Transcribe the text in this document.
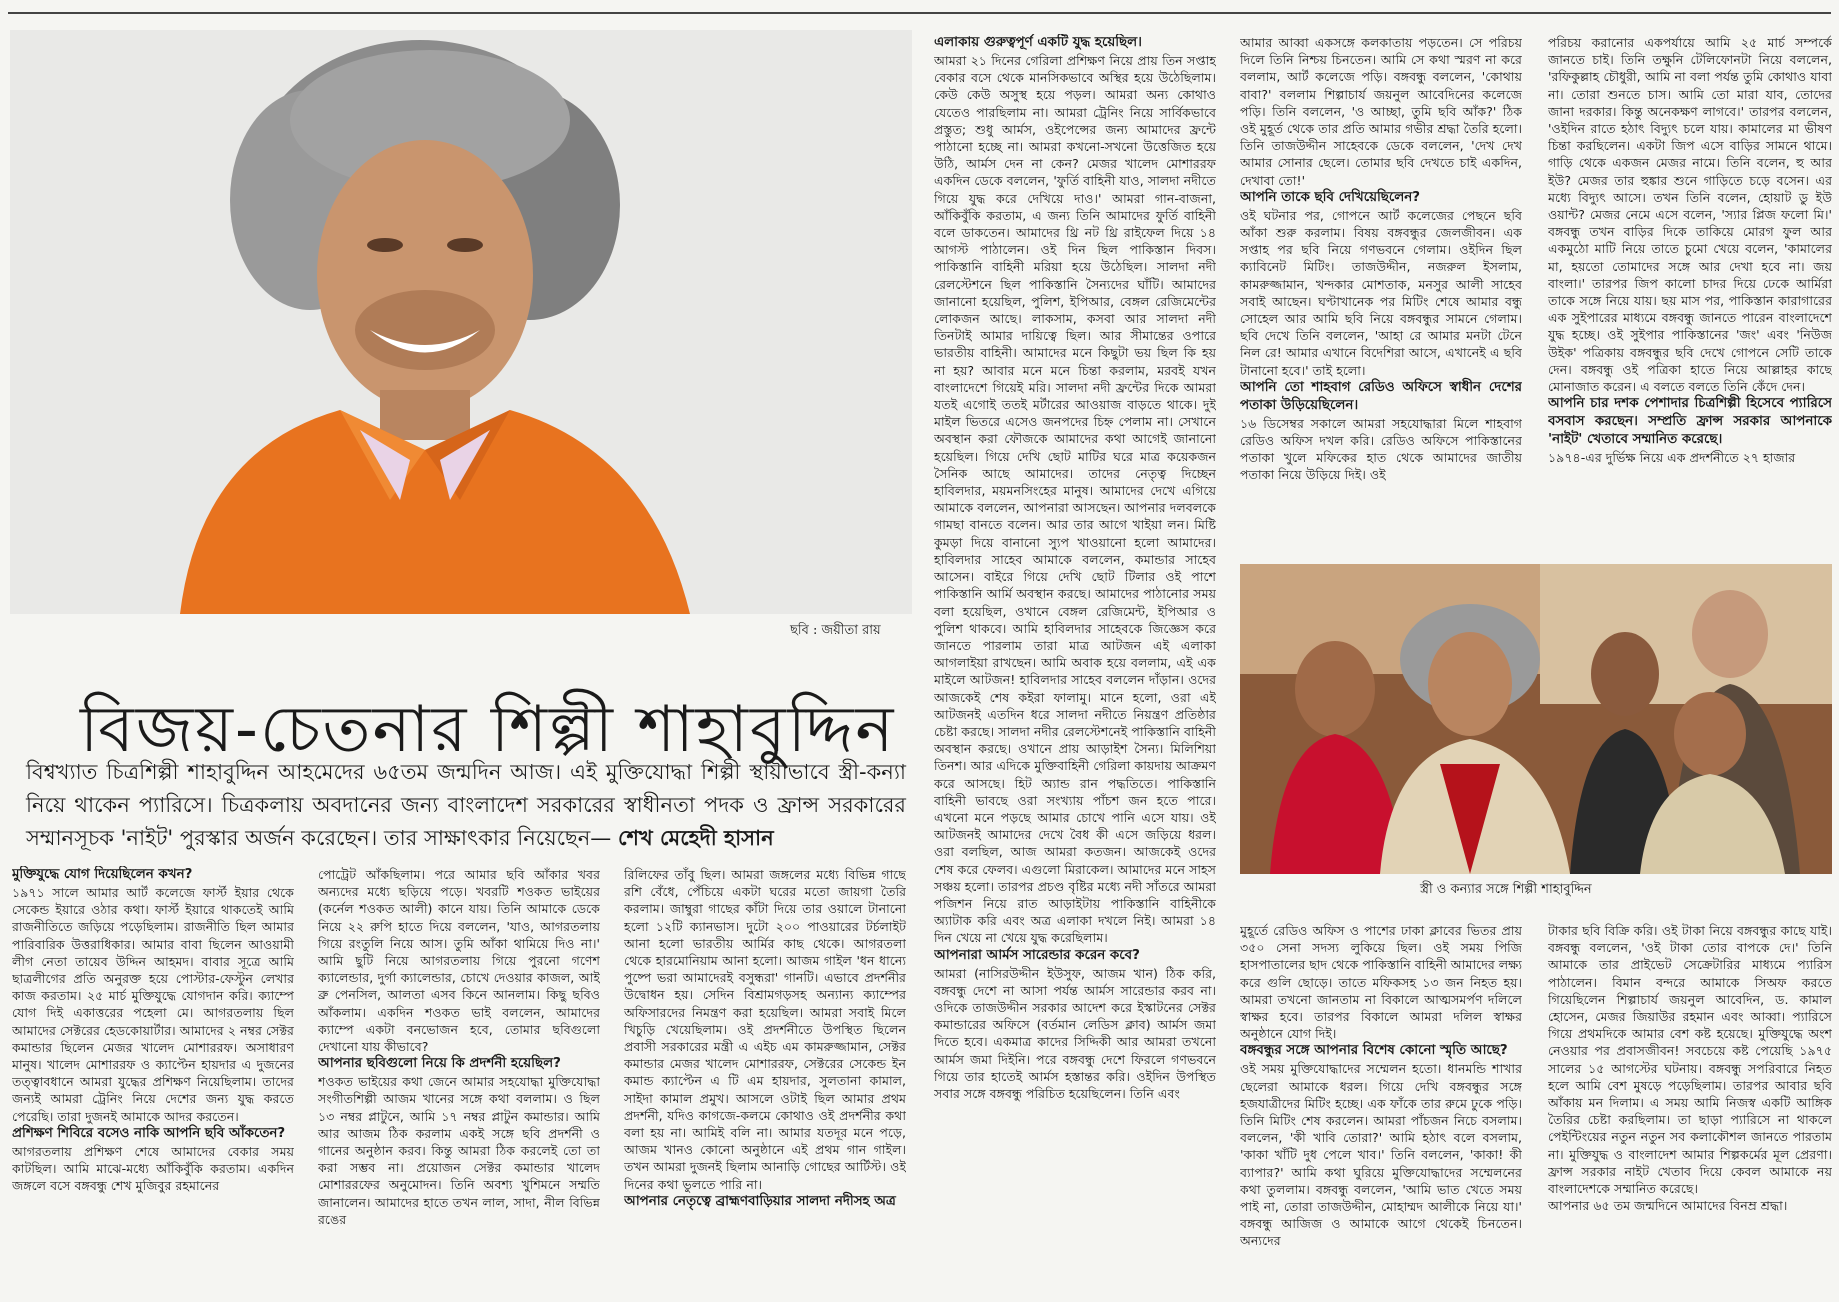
ছবি : জয়ীতা রায়
বিজয়-চেতনার শিল্পী শাহাবুদ্দিন
বিশ্বখ্যাত চিত্রশিল্পী শাহাবুদ্দিন আহমেদের ৬৫তম জন্মদিন আজ। এই মুক্তিযোদ্ধা শিল্পী স্থায়ীভাবে স্ত্রী-কন্যা নিয়ে থাকেন প্যারিসে। চিত্রকলায় অবদানের জন্য বাংলাদেশ সরকারের স্বাধীনতা পদক ও ফ্রান্স সরকারের সম্মানসূচক 'নাইট' পুরস্কার অর্জন করেছেন। তার সাক্ষাৎকার নিয়েছেন— শেখ মেহেদী হাসান
মুক্তিযুদ্ধে যোগ দিয়েছিলেন কখন?

১৯৭১ সালে আমার আর্ট কলেজে ফার্স্ট ইয়ার থেকে সেকেন্ড ইয়ারে ওঠার কথা। ফার্স্ট ইয়ারে থাকতেই আমি রাজনীতিতে জড়িয়ে পড়েছিলাম। রাজনীতি ছিল আমার পারিবারিক উত্তরাধিকার। আমার বাবা ছিলেন আওয়ামী লীগ নেতা তায়েব উদ্দিন আহমদ। বাবার সূত্রে আমি ছাত্রলীগের প্রতি অনুরক্ত হয়ে পোস্টার-ফেস্টুন লেখার কাজ করতাম। ২৫ মার্চ মুক্তিযুদ্ধে যোগদান করি। ক্যাম্পে যোগ দিই একাত্তরের পহেলা মে। আগরতলায় ছিল আমাদের সেক্টরের হেডকোয়ার্টার। আমাদের ২ নম্বর সেক্টর কমান্ডার ছিলেন মেজর খালেদ মোশাররফ। অসাধারণ মানুষ। খালেদ মোশাররফ ও ক্যাপ্টেন হায়দার এ দুজনের তত্ত্বাবধানে আমরা যুদ্ধের প্রশিক্ষণ নিয়েছিলাম। তাদের জন্যই আমরা ট্রেনিং নিয়ে দেশের জন্য যুদ্ধ করতে পেরেছি। তারা দুজনই আমাকে আদর করতেন।

প্রশিক্ষণ শিবিরে বসেও নাকি আপনি ছবি আঁকতেন?

আগরতলায় প্রশিক্ষণ শেষে আমাদের বেকার সময় কাটছিল। আমি মাঝে-মধ্যে আঁকিবুঁকি করতাম। একদিন জঙ্গলে বসে বঙ্গবন্ধু শেখ মুজিবুর রহমানের

পোট্রেট আঁকছিলাম। পরে আমার ছবি আঁকার খবর অন্যদের মধ্যে ছড়িয়ে পড়ে। খবরটি শওকত ভাইয়ের (কর্নেল শওকত আলী) কানে যায়। তিনি আমাকে ডেকে নিয়ে ২২ রুপি হাতে দিয়ে বললেন, 'যাও, আগরতলায় গিয়ে রংতুলি নিয়ে আস। তুমি আঁকা থামিয়ে দিও না।' আমি ছুটি নিয়ে আগরতলায় গিয়ে পুরনো গণেশ ক্যালেন্ডার, দুর্গা ক্যালেন্ডার, চোখে দেওয়ার কাজল, আই ব্রু পেনসিল, আলতা এসব কিনে আনলাম। কিছু ছবিও আঁকলাম। একদিন শওকত ভাই বললেন, আমাদের ক্যাম্পে একটা বনভোজন হবে, তোমার ছবিগুলো দেখানো যায় কীভাবে?

আপনার ছবিগুলো নিয়ে কি প্রদর্শনী হয়েছিল?

শওকত ভাইয়ের কথা জেনে আমার সহযোদ্ধা মুক্তিযোদ্ধা সংগীতশিল্পী আজম খানের সঙ্গে কথা বললাম। ও ছিল ১৩ নম্বর প্লাটুনে, আমি ১৭ নম্বর প্লাটুন কমান্ডার। আমি আর আজম ঠিক করলাম একই সঙ্গে ছবি প্রদর্শনী ও গানের অনুষ্ঠান করব। কিন্তু আমরা ঠিক করলেই তো তা করা সম্ভব না। প্রয়োজন সেক্টর কমান্ডার খালেদ মোশাররফের অনুমোদন। তিনি অবশ্য খুশিমনে সম্মতি জানালেন। আমাদের হাতে তখন লাল, সাদা, নীল বিভিন্ন রঙের

রিলিফের তাঁবু ছিল। আমরা জঙ্গলের মধ্যে বিভিন্ন গাছে রশি বেঁধে, পেঁচিয়ে একটা ঘরের মতো জায়গা তৈরি করলাম। জাম্বুরা গাছের কাঁটা দিয়ে তার ওয়ালে টানানো হলো ১২টি ক্যানভাস। দুটো ২০০ পাওয়ারের টর্চলাইট আনা হলো ভারতীয় আর্মির কাছ থেকে। আগরতলা থেকে হারমোনিয়াম আনা হলো। আজম গাইল 'ধন ধান্যে পুষ্পে ভরা আমাদেরই বসুন্ধরা' গানটি। এভাবে প্রদর্শনীর উদ্বোধন হয়। সেদিন বিশ্রামগড়সহ অন্যান্য ক্যাম্পের অফিসারদের নিমন্ত্রণ করা হয়েছিল। আমরা সবাই মিলে খিচুড়ি খেয়েছিলাম। ওই প্রদর্শনীতে উপস্থিত ছিলেন প্রবাসী সরকারের মন্ত্রী এ এইচ এম কামরুজ্জামান, সেক্টর কমান্ডার মেজর খালেদ মোশাররফ, সেক্টরের সেকেন্ড ইন কমান্ড ক্যাপ্টেন এ টি এম হায়দার, সুলতানা কামাল, সাইদা কামাল প্রমুখ। আসলে ওটাই ছিল আমার প্রথম প্রদর্শনী, যদিও কাগজে-কলমে কোথাও ওই প্রদর্শনীর কথা বলা হয় না। আমিই বলি না। আমার যতদূর মনে পড়ে, আজম খানও কোনো অনুষ্ঠানে এই প্রথম গান গাইল। তখন আমরা দুজনই ছিলাম আনাড়ি গোছের আর্টিস্ট। ওই দিনের কথা ভুলতে পারি না।

আপনার নেতৃত্বে ব্রাহ্মণবাড়িয়ার সালদা নদীসহ অত্র
এলাকায় গুরুত্বপূর্ণ একটি যুদ্ধ হয়েছিল।

আমরা ২১ দিনের গেরিলা প্রশিক্ষণ নিয়ে প্রায় তিন সপ্তাহ বেকার বসে থেকে মানসিকভাবে অস্থির হয়ে উঠেছিলাম। কেউ কেউ অসুস্থ হয়ে পড়ল। আমরা অন্য কোথাও যেতেও পারছিলাম না। আমরা ট্রেনিং নিয়ে সার্বিকভাবে প্রস্তুত; শুধু আর্মস, ওইপেন্সের জন্য আমাদের ফ্রন্টে পাঠানো হচ্ছে না। আমরা কখনো-সখনো উত্তেজিত হয়ে উঠি, আর্মস দেন না কেন? মেজর খালেদ মোশাররফ একদিন ডেকে বললেন, 'ফুর্তি বাহিনী যাও, সালদা নদীতে গিয়ে যুদ্ধ করে দেখিয়ে দাও।' আমরা গান-বাজনা, আঁকিবুঁকি করতাম, এ জন্য তিনি আমাদের ফুর্তি বাহিনী বলে ডাকতেন। আমাদের থ্রি নট থ্রি রাইফেল দিয়ে ১৪ আগস্ট পাঠালেন। ওই দিন ছিল পাকিস্তান দিবস। পাকিস্তানি বাহিনী মরিয়া হয়ে উঠেছিল। সালদা নদী রেলস্টেশনে ছিল পাকিস্তানি সৈন্যদের ঘাঁটি। আমাদের জানানো হয়েছিল, পুলিশ, ইপিআর, বেঙ্গল রেজিমেন্টের লোকজন আছে। লাকসাম, কসবা আর সালদা নদী তিনটাই আমার দায়িত্বে ছিল। আর সীমান্তের ওপারে ভারতীয় বাহিনী। আমাদের মনে কিছুটা ভয় ছিল কি হয় না হয়? আবার মনে মনে চিন্তা করলাম, মরবই যখন বাংলাদেশে গিয়েই মরি। সালদা নদী ফ্রন্টের দিকে আমরা যতই এগোই ততই মর্টারের আওয়াজ বাড়তে থাকে। দুই মাইল ভিতরে এসেও জনপদের চিহ্ন পেলাম না। সেখানে অবস্থান করা ফৌজকে আমাদের কথা আগেই জানানো হয়েছিল। গিয়ে দেখি ছোট মাটির ঘরে মাত্র কয়েকজন সৈনিক আছে আমাদের। তাদের নেতৃত্ব দিচ্ছেন হাবিলদার, ময়মনসিংহের মানুষ। আমাদের দেখে এগিয়ে আমাকে বললেন, আপনারা আসছেন। আপনার দলবলকে গামছা বানতে বলেন। আর তার আগে খাইয়া লন। মিষ্টি কুমড়া দিয়ে বানানো স্যুপ খাওয়ানো হলো আমাদের। হাবিলদার সাহেব আমাকে বললেন, কমান্ডার সাহেব আসেন। বাইরে গিয়ে দেখি ছোট টিলার ওই পাশে পাকিস্তানি আর্মি অবস্থান করছে। আমাদের পাঠানোর সময় বলা হয়েছিল, ওখানে বেঙ্গল রেজিমেন্ট, ইপিআর ও পুলিশ থাকবে। আমি হাবিলদার সাহেবকে জিজ্ঞেস করে জানতে পারলাম তারা মাত্র আটজন এই এলাকা আগলাইয়া রাখছেন। আমি অবাক হয়ে বললাম, এই এক মাইলে আটজন! হাবিলদার সাহেব বললেন দাঁড়ান। ওদের আজকেই শেষ কইরা ফালামু। মানে হলো, ওরা এই আটজনই এতদিন ধরে সালদা নদীতে নিয়ন্ত্রণ প্রতিষ্ঠার চেষ্টা করছে। সালদা নদীর রেলস্টেশনেই পাকিস্তানি বাহিনী অবস্থান করছে। ওখানে প্রায় আড়াইশ সৈন্য। মিলিশিয়া তিনশ। আর এদিকে মুক্তিবাহিনী গেরিলা কায়দায় আক্রমণ করে আসছে। হিট অ্যান্ড রান পদ্ধতিতে। পাকিস্তানি বাহিনী ভাবছে ওরা সংখ্যায় পাঁচশ জন হতে পারে। এখনো মনে পড়ছে আমার চোখে পানি এসে যায়। ওই আটজনই আমাদের দেখে বৈধ কী এসে জড়িয়ে ধরল। ওরা বলছিল, আজ আমরা কতজন। আজকেই ওদের শেষ করে ফেলব। এগুলো মিরাকেল। আমাদের মনে সাহস সঞ্চয় হলো। তারপর প্রচণ্ড বৃষ্টির মধ্যে নদী সাঁতরে আমরা পজিশন নিয়ে রাত আড়াইটায় পাকিস্তানি বাহিনীকে অ্যাটাক করি এবং অত্র এলাকা দখলে নিই। আমরা ১৪ দিন খেয়ে না খেয়ে যুদ্ধ করেছিলাম।

আপনারা আর্মস সারেন্ডার করেন কবে?

আমরা (নাসিরউদ্দীন ইউসুফ, আজম খান) ঠিক করি, বঙ্গবন্ধু দেশে না আসা পর্যন্ত আর্মস সারেন্ডার করব না। ওদিকে তাজউদ্দীন সরকার আদেশ করে ইস্কাটনের সেক্টর কমান্ডারের অফিসে (বর্তমান লেডিস ক্লাব) আর্মস জমা দিতে হবে। একমাত্র কাদের সিদ্দিকী আর আমরা তখনো আর্মস জমা দিইনি। পরে বঙ্গবন্ধু দেশে ফিরলে গণভবনে গিয়ে তার হাতেই আর্মস হস্তান্তর করি। ওইদিন উপস্থিত সবার সঙ্গে বঙ্গবন্ধু পরিচিত হয়েছিলেন। তিনি এবং

আমার আব্বা একসঙ্গে কলকাতায় পড়তেন। সে পরিচয় দিলে তিনি নিশ্চয় চিনতেন। আমি সে কথা স্মরণ না করে বললাম, আর্ট কলেজে পড়ি। বঙ্গবন্ধু বললেন, 'কোথায় বাবা?' বললাম শিল্পাচার্য জয়নুল আবেদিনের কলেজে পড়ি। তিনি বললেন, 'ও আচ্ছা, তুমি ছবি আঁক?' ঠিক ওই মুহূর্ত থেকে তার প্রতি আমার গভীর শ্রদ্ধা তৈরি হলো। তিনি তাজউদ্দীন সাহেবকে ডেকে বললেন, 'দেখ দেখ আমার সোনার ছেলে। তোমার ছবি দেখতে চাই একদিন, দেখাবা তো!'

আপনি তাকে ছবি দেখিয়েছিলেন?

ওই ঘটনার পর, গোপনে আর্ট কলেজের পেছনে ছবি আঁকা শুরু করলাম। বিষয় বঙ্গবন্ধুর জেলজীবন। এক সপ্তাহ পর ছবি নিয়ে গণভবনে গেলাম। ওইদিন ছিল ক্যাবিনেট মিটিং। তাজউদ্দীন, নজরুল ইসলাম, কামরুজ্জামান, খন্দকার মোশতাক, মনসুর আলী সাহেব সবাই আছেন। ঘণ্টাখানেক পর মিটিং শেষে আমার বন্ধু সোহেল আর আমি ছবি নিয়ে বঙ্গবন্ধুর সামনে গেলাম। ছবি দেখে তিনি বললেন, 'আহা রে আমার মনটা টেনে নিল রে! আমার এখানে বিদেশিরা আসে, এখানেই এ ছবি টানানো হবে।' তাই হলো।

আপনি তো শাহবাগ রেডিও অফিসে স্বাধীন দেশের পতাকা উড়িয়েছিলেন।

১৬ ডিসেম্বর সকালে আমরা সহযোদ্ধারা মিলে শাহবাগ রেডিও অফিস দখল করি। রেডিও অফিসে পাকিস্তানের পতাকা খুলে মফিকের হাত থেকে আমাদের জাতীয় পতাকা নিয়ে উড়িয়ে দিই। ওই

পরিচয় করানোর একপর্যায়ে আমি ২৫ মার্চ সম্পর্কে জানতে চাই। তিনি তক্ষুনি টেলিফোনটা নিয়ে বললেন, 'রফিকুল্লাহ চৌধুরী, আমি না বলা পর্যন্ত তুমি কোথাও যাবা না। তোরা শুনতে চাস। আমি তো মারা যাব, তোদের জানা দরকার। কিন্তু অনেকক্ষণ লাগবে।' তারপর বললেন, 'ওইদিন রাতে হঠাৎ বিদ্যুৎ চলে যায়। কামালের মা ভীষণ চিন্তা করছিলেন। একটা জিপ এসে বাড়ির সামনে থামে। গাড়ি থেকে একজন মেজর নামে। তিনি বলেন, হু আর ইউ? মেজর তার হুঙ্কার শুনে গাড়িতে চড়ে বসেন। এর মধ্যে বিদ্যুৎ আসে। তখন তিনি বলেন, হোয়াট ডু ইউ ওয়ান্ট? মেজর নেমে এসে বলেন, 'স্যার প্লিজ ফলো মি।' বঙ্গবন্ধু তখন বাড়ির দিকে তাকিয়ে মোরগ ফুল আর একমুঠো মাটি নিয়ে তাতে চুমো খেয়ে বলেন, 'কামালের মা, হয়তো তোমাদের সঙ্গে আর দেখা হবে না। জয় বাংলা।' তারপর জিপ কালো চাদর দিয়ে ঢেকে আর্মিরা তাকে সঙ্গে নিয়ে যায়। ছয় মাস পর, পাকিস্তান কারাগারের এক সুইপারের মাধ্যমে বঙ্গবন্ধু জানতে পারেন বাংলাদেশে যুদ্ধ হচ্ছে। ওই সুইপার পাকিস্তানের 'জং' এবং 'নিউজ উইক' পত্রিকায় বঙ্গবন্ধুর ছবি দেখে গোপনে সেটি তাকে দেন। বঙ্গবন্ধু ওই পত্রিকা হাতে নিয়ে আল্লাহর কাছে মোনাজাত করেন। এ বলতে বলতে তিনি কেঁদে দেন।

আপনি চার দশক পেশাদার চিত্রশিল্পী হিসেবে প্যারিসে বসবাস করছেন। সম্প্রতি ফ্রান্স সরকার আপনাকে 'নাইট' খেতাবে সম্মানিত করেছে।

১৯৭৪-এর দুর্ভিক্ষ নিয়ে এক প্রদর্শনীতে ২৭ হাজার

মুহূর্তে রেডিও অফিস ও পাশের ঢাকা ক্লাবের ভিতর প্রায় ৩৫০ সেনা সদস্য লুকিয়ে ছিল। ওই সময় পিজি হাসপাতালের ছাদ থেকে পাকিস্তানি বাহিনী আমাদের লক্ষ্য করে গুলি ছোড়ে। তাতে মফিকসহ ১৩ জন নিহত হয়। আমরা তখনো জানতাম না বিকালে আত্মসমর্পণ দলিলে স্বাক্ষর হবে। তারপর বিকালে আমরা দলিল স্বাক্ষর অনুষ্ঠানে যোগ দিই।

বঙ্গবন্ধুর সঙ্গে আপনার বিশেষ কোনো স্মৃতি আছে?

ওই সময় মুক্তিযোদ্ধাদের সম্মেলন হতো। ধানমন্ডি শাখার ছেলেরা আমাকে ধরল। গিয়ে দেখি বঙ্গবন্ধুর সঙ্গে হজযাত্রীদের মিটিং হচ্ছে। এক ফাঁকে তার রুমে ঢুকে পড়ি। তিনি মিটিং শেষ করলেন। আমরা পাঁচজন নিচে বসলাম। বললেন, 'কী খাবি তোরা?' আমি হঠাৎ বলে বসলাম, 'কাকা খাঁটি দুধ পেলে খাব।' তিনি বললেন, 'কাকা! কী ব্যাপার?' আমি কথা ঘুরিয়ে মুক্তিযোদ্ধাদের সম্মেলনের কথা তুললাম। বঙ্গবন্ধু বললেন, 'আমি ভাত খেতে সময় পাই না, তোরা তাজউদ্দীন, মোহাম্মদ আলীকে নিয়ে যা।' বঙ্গবন্ধু আজিজ ও আমাকে আগে থেকেই চিনতেন। অন্যদের

টাকার ছবি বিক্রি করি। ওই টাকা নিয়ে বঙ্গবন্ধুর কাছে যাই। বঙ্গবন্ধু বললেন, 'ওই টাকা তোর বাপকে দে।' তিনি আমাকে তার প্রাইভেট সেক্রেটারির মাধ্যমে প্যারিস পাঠালেন। বিমান বন্দরে আমাকে সিঅফ করতে গিয়েছিলেন শিল্পাচার্য জয়নুল আবেদিন, ড. কামাল হোসেন, মেজর জিয়াউর রহমান এবং আব্বা। প্যারিসে গিয়ে প্রথমদিকে আমার বেশ কষ্ট হয়েছে। মুক্তিযুদ্ধে অংশ নেওয়ার পর প্রবাসজীবন! সবচেয়ে কষ্ট পেয়েছি ১৯৭৫ সালের ১৫ আগস্টের ঘটনায়। বঙ্গবন্ধু সপরিবারে নিহত হলে আমি বেশ মুষড়ে পড়েছিলাম। তারপর আবার ছবি আঁকায় মন দিলাম। এ সময় আমি নিজস্ব একটি আঙ্গিক তৈরির চেষ্টা করছিলাম। তা ছাড়া প্যারিসে না থাকলে পেইন্টিংয়ের নতুন নতুন সব কলাকৌশল জানতে পারতাম না। মুক্তিযুদ্ধ ও বাংলাদেশ আমার শিল্পকর্মের মূল প্রেরণা। ফ্রান্স সরকার নাইট খেতাব দিয়ে কেবল আমাকে নয় বাংলাদেশকে সম্মানিত করেছে।

আপনার ৬৫ তম জন্মদিনে আমাদের বিনম্র শ্রদ্ধা।

স্ত্রী ও কন্যার সঙ্গে শিল্পী শাহাবুদ্দিন
